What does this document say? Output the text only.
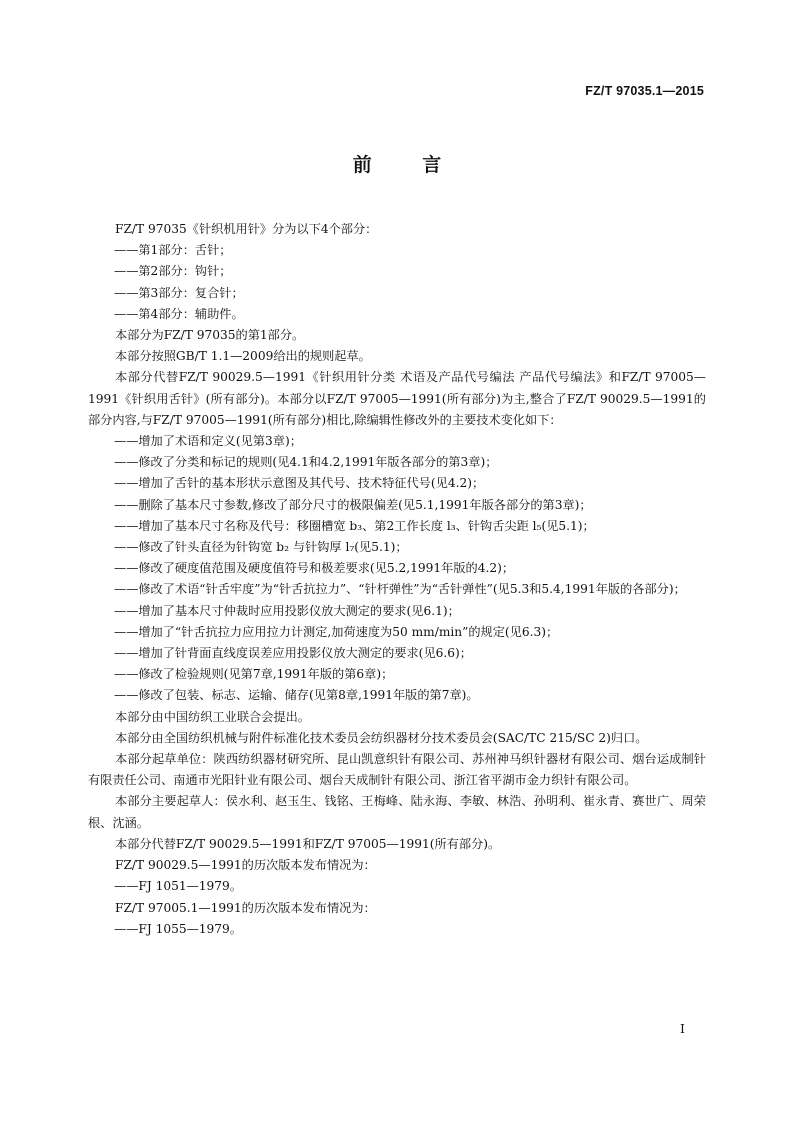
FZ/T 97035.1—2015
前 言

FZ/T 97035《针织机用针》分为以下4个部分：

——第1部分：舌针；

——第2部分：钩针；

——第3部分：复合针；

——第4部分：辅助件。

本部分为FZ/T 97035的第1部分。

本部分按照GB/T 1.1—2009给出的规则起草。

本部分代替FZ/T 90029.5—1991《针织用针分类 术语及产品代号编法 产品代号编法》和FZ/T 97005—1991《针织用舌针》(所有部分)。本部分以FZ/T 97005—1991(所有部分)为主,整合了FZ/T 90029.5—1991的部分内容,与FZ/T 97005—1991(所有部分)相比,除编辑性修改外的主要技术变化如下：

——增加了术语和定义(见第3章)；

——修改了分类和标记的规则(见4.1和4.2,1991年版各部分的第3章)；

——增加了舌针的基本形状示意图及其代号、技术特征代号(见4.2)；

——删除了基本尺寸参数,修改了部分尺寸的极限偏差(见5.1,1991年版各部分的第3章)；

——增加了基本尺寸名称及代号：移圈槽宽 b₃、第2工作长度 l₃、针钩舌尖距 l₅(见5.1)；

——修改了针头直径为针钩宽 b₂ 与针钩厚 l₇(见5.1)；

——修改了硬度值范围及硬度值符号和极差要求(见5.2,1991年版的4.2)；

——修改了术语“针舌牢度”为“针舌抗拉力”、“针杆弹性”为“舌针弹性”(见5.3和5.4,1991年版的各部分)；

——增加了基本尺寸仲裁时应用投影仪放大测定的要求(见6.1)；

——增加了“针舌抗拉力应用拉力计测定,加荷速度为50 mm/min”的规定(见6.3)；

——增加了针背面直线度误差应用投影仪放大测定的要求(见6.6)；

——修改了检验规则(见第7章,1991年版的第6章)；

——修改了包装、标志、运输、储存(见第8章,1991年版的第7章)。

本部分由中国纺织工业联合会提出。

本部分由全国纺织机械与附件标准化技术委员会纺织器材分技术委员会(SAC/TC 215/SC 2)归口。

本部分起草单位：陕西纺织器材研究所、昆山凯意织针有限公司、苏州神马织针器材有限公司、烟台运成制针有限责任公司、南通市光阳针业有限公司、烟台天成制针有限公司、浙江省平湖市金力织针有限公司。

本部分主要起草人：侯水利、赵玉生、钱铭、王梅峰、陆永海、李敏、林浩、孙明利、崔永青、赛世广、周荣根、沈涵。

本部分代替FZ/T 90029.5—1991和FZ/T 97005—1991(所有部分)。

FZ/T 90029.5—1991的历次版本发布情况为：

——FJ 1051—1979。

FZ/T 97005.1—1991的历次版本发布情况为：

——FJ 1055—1979。

I
